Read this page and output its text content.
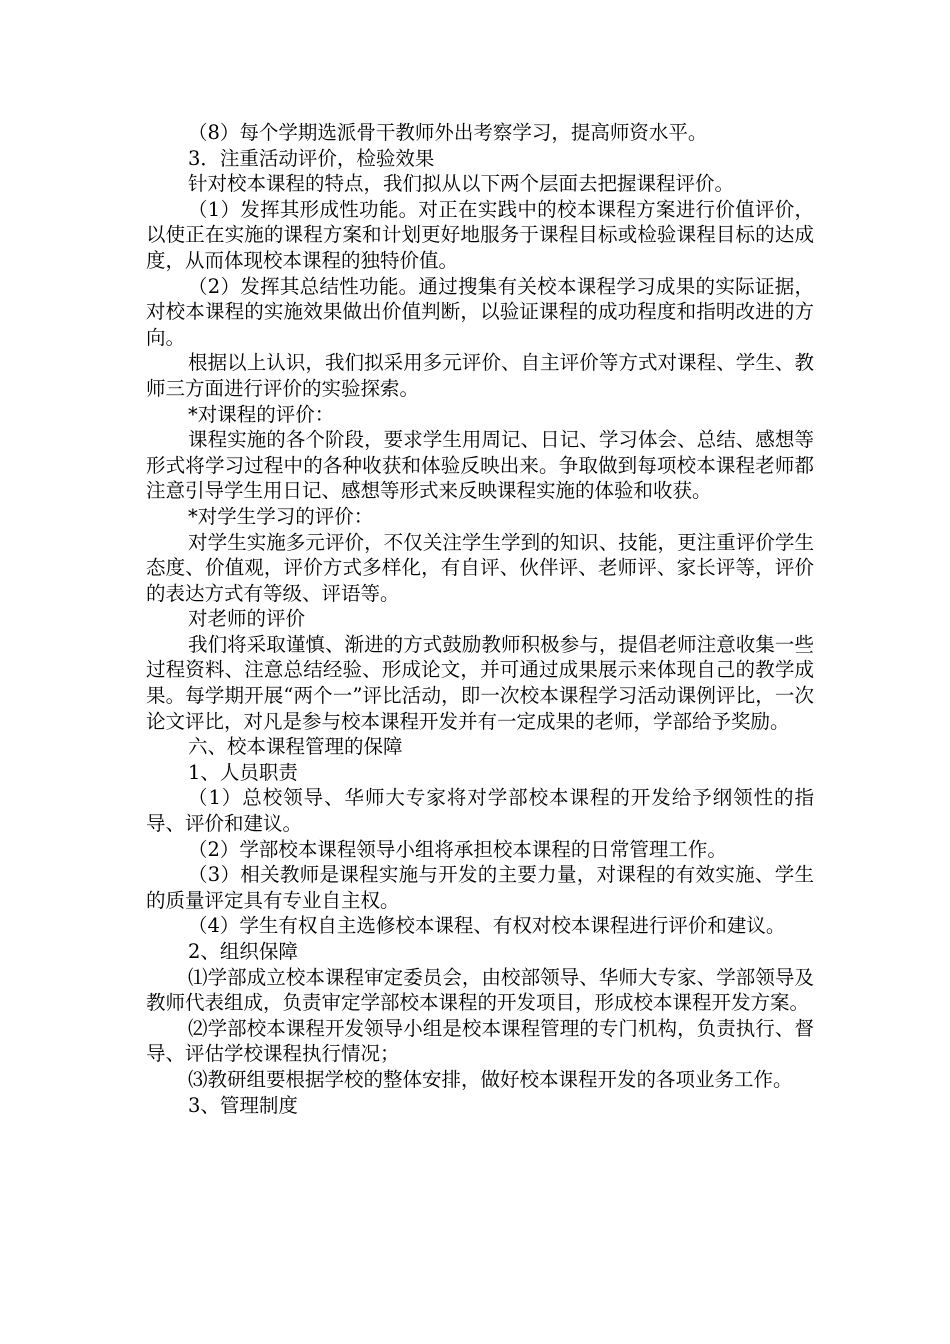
（8）每个学期选派骨干教师外出考察学习，提高师资水平。

3．注重活动评价，检验效果

针对校本课程的特点，我们拟从以下两个层面去把握课程评价。

（1）发挥其形成性功能。对正在实践中的校本课程方案进行价值评价，以使正在实施的课程方案和计划更好地服务于课程目标或检验课程目标的达成度，从而体现校本课程的独特价值。

（2）发挥其总结性功能。通过搜集有关校本课程学习成果的实际证据，对校本课程的实施效果做出价值判断，以验证课程的成功程度和指明改进的方向。

根据以上认识，我们拟采用多元评价、自主评价等方式对课程、学生、教师三方面进行评价的实验探索。

*对课程的评价：

课程实施的各个阶段，要求学生用周记、日记、学习体会、总结、感想等形式将学习过程中的各种收获和体验反映出来。争取做到每项校本课程老师都注意引导学生用日记、感想等形式来反映课程实施的体验和收获。

*对学生学习的评价：

对学生实施多元评价，不仅关注学生学到的知识、技能，更注重评价学生态度、价值观，评价方式多样化，有自评、伙伴评、老师评、家长评等，评价的表达方式有等级、评语等。

对老师的评价

我们将采取谨慎、渐进的方式鼓励教师积极参与，提倡老师注意收集一些过程资料、注意总结经验、形成论文，并可通过成果展示来体现自己的教学成果。每学期开展“两个一”评比活动，即一次校本课程学习活动课例评比，一次论文评比，对凡是参与校本课程开发并有一定成果的老师，学部给予奖励。

六、校本课程管理的保障

1、人员职责

（1）总校领导、华师大专家将对学部校本课程的开发给予纲领性的指导、评价和建议。

（2）学部校本课程领导小组将承担校本课程的日常管理工作。

（3）相关教师是课程实施与开发的主要力量，对课程的有效实施、学生的质量评定具有专业自主权。

（4）学生有权自主选修校本课程、有权对校本课程进行评价和建议。

2、组织保障

⑴学部成立校本课程审定委员会，由校部领导、华师大专家、学部领导及教师代表组成，负责审定学部校本课程的开发项目，形成校本课程开发方案。

⑵学部校本课程开发领导小组是校本课程管理的专门机构，负责执行、督导、评估学校课程执行情况；

⑶教研组要根据学校的整体安排，做好校本课程开发的各项业务工作。

3、管理制度
